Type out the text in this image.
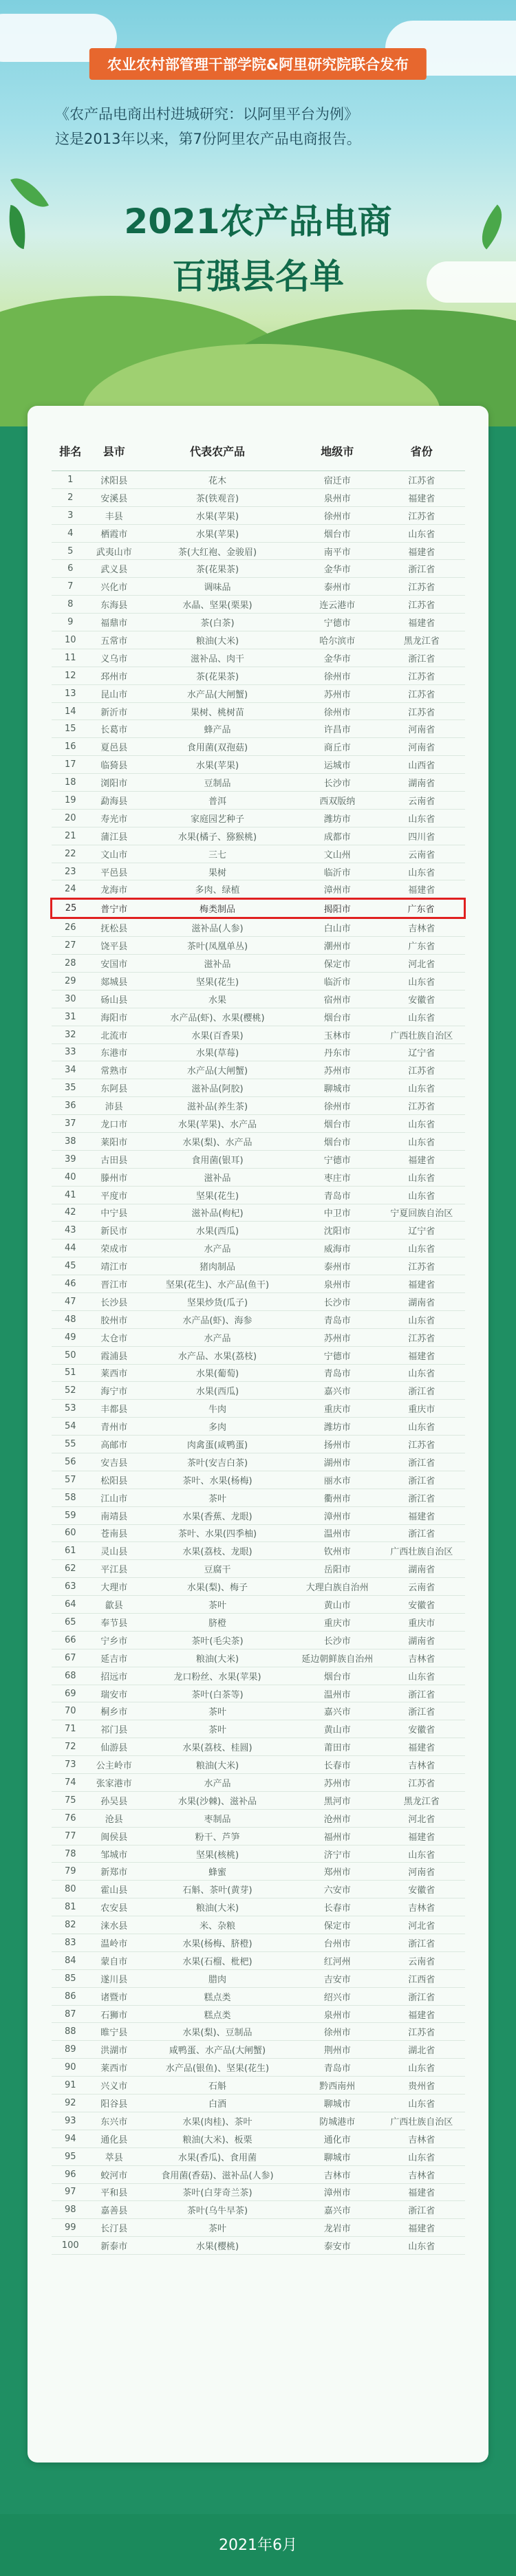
农业农村部管理干部学院&阿里研究院联合发布
《农产品电商出村进城研究：以阿里平台为例》
这是2013年以来，第7份阿里农产品电商报告。
2021农产品电商
百强县名单
排名	县市	代表农产品	地级市	省份
1	沭阳县	花木	宿迁市	江苏省
2	安溪县	茶(铁观音)	泉州市	福建省
3	丰县	水果(苹果)	徐州市	江苏省
4	栖霞市	水果(苹果)	烟台市	山东省
5	武夷山市	茶(大红袍、金骏眉)	南平市	福建省
6	武义县	茶(花果茶)	金华市	浙江省
7	兴化市	调味品	泰州市	江苏省
8	东海县	水晶、坚果(栗果)	连云港市	江苏省
9	福鼎市	茶(白茶)	宁德市	福建省
10	五常市	粮油(大米)	哈尔滨市	黑龙江省
11	义乌市	滋补品、肉干	金华市	浙江省
12	邳州市	茶(花果茶)	徐州市	江苏省
13	昆山市	水产品(大闸蟹)	苏州市	江苏省
14	新沂市	果树、桃树苗	徐州市	江苏省
15	长葛市	蜂产品	许昌市	河南省
16	夏邑县	食用菌(双孢菇)	商丘市	河南省
17	临猗县	水果(苹果)	运城市	山西省
18	浏阳市	豆制品	长沙市	湖南省
19	勐海县	普洱	西双版纳	云南省
20	寿光市	家庭园艺种子	潍坊市	山东省
21	蒲江县	水果(橘子、猕猴桃)	成都市	四川省
22	文山市	三七	文山州	云南省
23	平邑县	果树	临沂市	山东省
24	龙海市	多肉、绿植	漳州市	福建省
25	普宁市	梅类制品	揭阳市	广东省
26	抚松县	滋补品(人参)	白山市	吉林省
27	饶平县	茶叶(凤凰单丛)	潮州市	广东省
28	安国市	滋补品	保定市	河北省
29	郯城县	坚果(花生)	临沂市	山东省
30	砀山县	水果	宿州市	安徽省
31	海阳市	水产品(虾)、水果(樱桃)	烟台市	山东省
32	北流市	水果(百香果)	玉林市	广西壮族自治区
33	东港市	水果(草莓)	丹东市	辽宁省
34	常熟市	水产品(大闸蟹)	苏州市	江苏省
35	东阿县	滋补品(阿胶)	聊城市	山东省
36	沛县	滋补品(养生茶)	徐州市	江苏省
37	龙口市	水果(苹果)、水产品	烟台市	山东省
38	莱阳市	水果(梨)、水产品	烟台市	山东省
39	古田县	食用菌(银耳)	宁德市	福建省
40	滕州市	滋补品	枣庄市	山东省
41	平度市	坚果(花生)	青岛市	山东省
42	中宁县	滋补品(枸杞)	中卫市	宁夏回族自治区
43	新民市	水果(西瓜)	沈阳市	辽宁省
44	荣成市	水产品	威海市	山东省
45	靖江市	猪肉制品	泰州市	江苏省
46	晋江市	坚果(花生)、水产品(鱼干)	泉州市	福建省
47	长沙县	坚果炒货(瓜子)	长沙市	湖南省
48	胶州市	水产品(虾)、海参	青岛市	山东省
49	太仓市	水产品	苏州市	江苏省
50	霞浦县	水产品、水果(荔枝)	宁德市	福建省
51	莱西市	水果(葡萄)	青岛市	山东省
52	海宁市	水果(西瓜)	嘉兴市	浙江省
53	丰都县	牛肉	重庆市	重庆市
54	青州市	多肉	潍坊市	山东省
55	高邮市	肉禽蛋(咸鸭蛋)	扬州市	江苏省
56	安吉县	茶叶(安吉白茶)	湖州市	浙江省
57	松阳县	茶叶、水果(杨梅)	丽水市	浙江省
58	江山市	茶叶	衢州市	浙江省
59	南靖县	水果(香蕉、龙眼)	漳州市	福建省
60	苍南县	茶叶、水果(四季柚)	温州市	浙江省
61	灵山县	水果(荔枝、龙眼)	钦州市	广西壮族自治区
62	平江县	豆腐干	岳阳市	湖南省
63	大理市	水果(梨)、梅子	大理白族自治州	云南省
64	歙县	茶叶	黄山市	安徽省
65	奉节县	脐橙	重庆市	重庆市
66	宁乡市	茶叶(毛尖茶)	长沙市	湖南省
67	延吉市	粮油(大米)	延边朝鲜族自治州	吉林省
68	招远市	龙口粉丝、水果(苹果)	烟台市	山东省
69	瑞安市	茶叶(白茶等)	温州市	浙江省
70	桐乡市	茶叶	嘉兴市	浙江省
71	祁门县	茶叶	黄山市	安徽省
72	仙游县	水果(荔枝、桂圆)	莆田市	福建省
73	公主岭市	粮油(大米)	长春市	吉林省
74	张家港市	水产品	苏州市	江苏省
75	孙吴县	水果(沙棘)、滋补品	黑河市	黑龙江省
76	沧县	枣制品	沧州市	河北省
77	闽侯县	粉干、芦笋	福州市	福建省
78	邹城市	坚果(核桃)	济宁市	山东省
79	新郑市	蜂蜜	郑州市	河南省
80	霍山县	石斛、茶叶(黄芽)	六安市	安徽省
81	农安县	粮油(大米)	长春市	吉林省
82	涞水县	米、杂粮	保定市	河北省
83	温岭市	水果(杨梅、脐橙)	台州市	浙江省
84	蒙自市	水果(石榴、枇杷)	红河州	云南省
85	遂川县	腊肉	吉安市	江西省
86	诸暨市	糕点类	绍兴市	浙江省
87	石狮市	糕点类	泉州市	福建省
88	睢宁县	水果(梨)、豆制品	徐州市	江苏省
89	洪湖市	咸鸭蛋、水产品(大闸蟹)	荆州市	湖北省
90	莱西市	水产品(银鱼)、坚果(花生)	青岛市	山东省
91	兴义市	石斛	黔西南州	贵州省
92	阳谷县	白酒	聊城市	山东省
93	东兴市	水果(肉桂)、茶叶	防城港市	广西壮族自治区
94	通化县	粮油(大米)、板栗	通化市	吉林省
95	萃县	水果(香瓜)、食用菌	聊城市	山东省
96	蛟河市	食用菌(香菇)、滋补品(人参)	吉林市	吉林省
97	平和县	茶叶(白芽奇兰茶)	漳州市	福建省
98	嘉善县	茶叶(乌牛早茶)	嘉兴市	浙江省
99	长汀县	茶叶	龙岩市	福建省
100	新泰市	水果(樱桃)	泰安市	山东省
2021年6月
